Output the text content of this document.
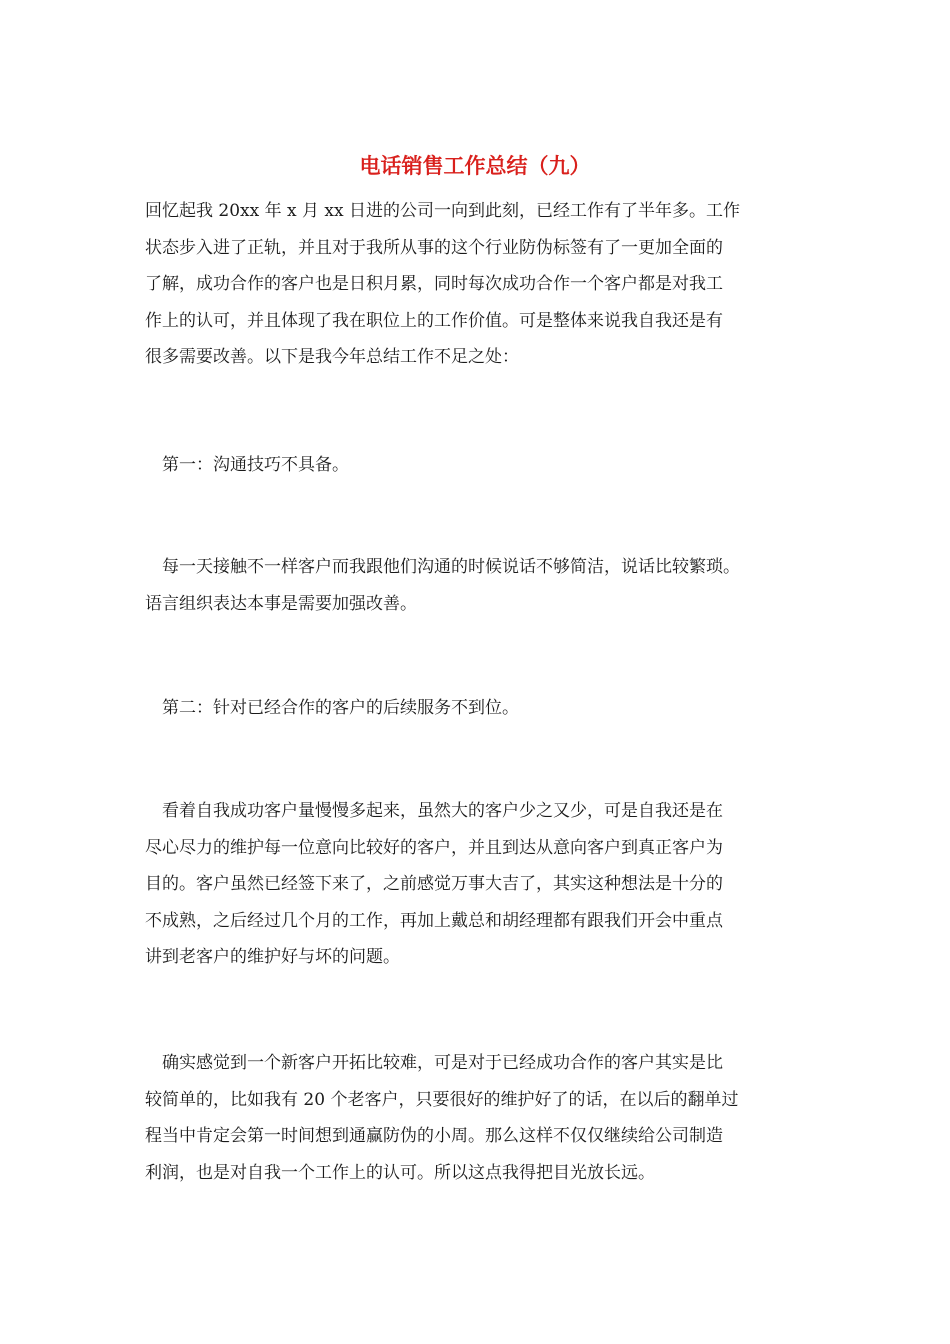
电话销售工作总结（九）
回忆起我 20xx 年 x 月 xx 日进的公司一向到此刻，已经工作有了半年多。工作
状态步入进了正轨，并且对于我所从事的这个行业防伪标签有了一更加全面的
了解，成功合作的客户也是日积月累，同时每次成功合作一个客户都是对我工
作上的认可，并且体现了我在职位上的工作价值。可是整体来说我自我还是有
很多需要改善。以下是我今年总结工作不足之处：
　第一：沟通技巧不具备。
　每一天接触不一样客户而我跟他们沟通的时候说话不够简洁，说话比较繁琐。
语言组织表达本事是需要加强改善。
　第二：针对已经合作的客户的后续服务不到位。
　看着自我成功客户量慢慢多起来，虽然大的客户少之又少，可是自我还是在
尽心尽力的维护每一位意向比较好的客户，并且到达从意向客户到真正客户为
目的。客户虽然已经签下来了，之前感觉万事大吉了，其实这种想法是十分的
不成熟，之后经过几个月的工作，再加上戴总和胡经理都有跟我们开会中重点
讲到老客户的维护好与坏的问题。
　确实感觉到一个新客户开拓比较难，可是对于已经成功合作的客户其实是比
较简单的，比如我有 20 个老客户，只要很好的维护好了的话，在以后的翻单过
程当中肯定会第一时间想到通赢防伪的小周。那么这样不仅仅继续给公司制造
利润，也是对自我一个工作上的认可。所以这点我得把目光放长远。
